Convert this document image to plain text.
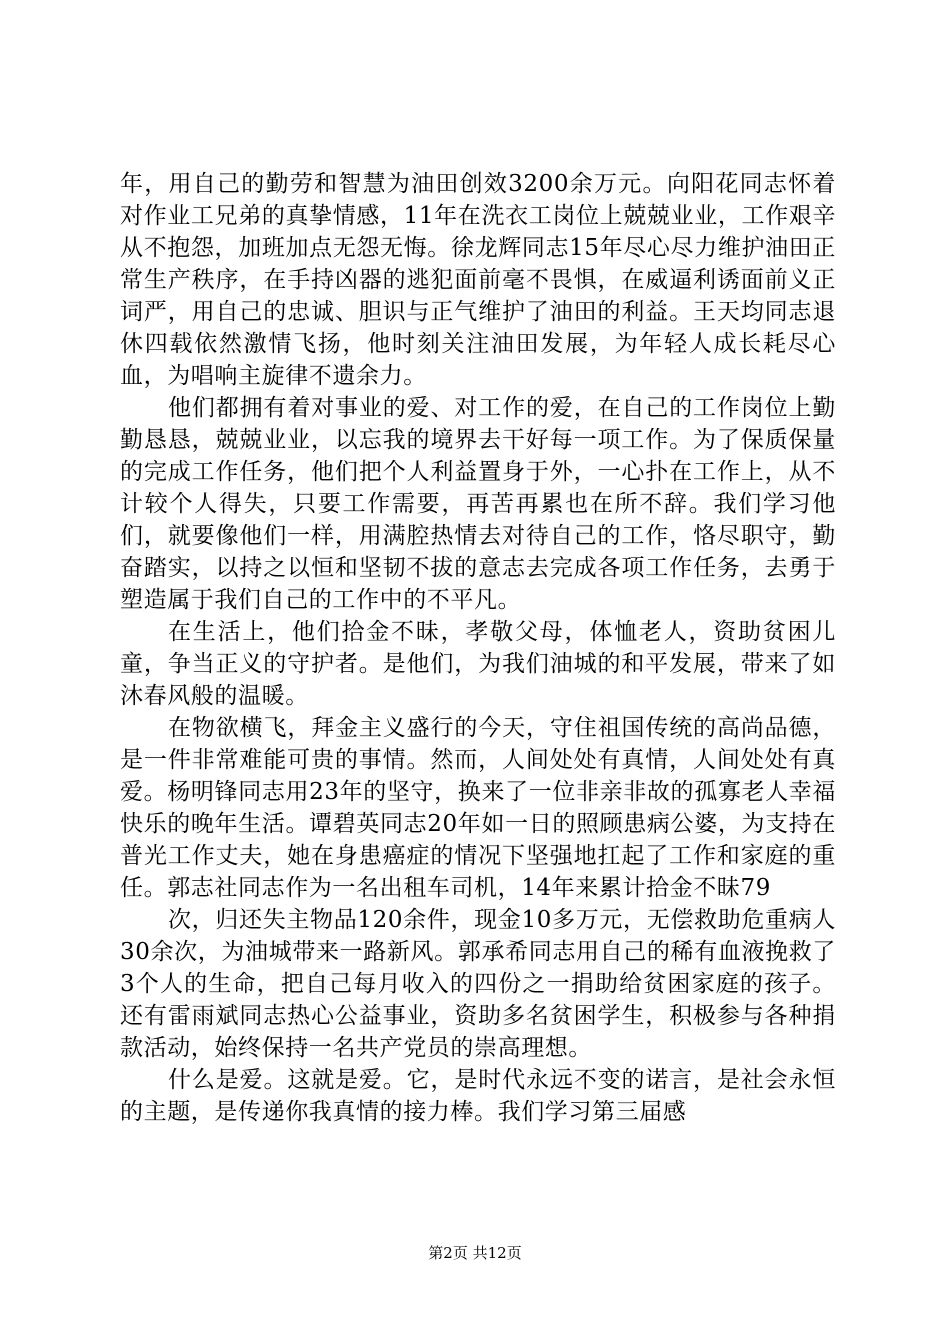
年，用自己的勤劳和智慧为油田创效3200余万元。向阳花同志怀着对作业工兄弟的真挚情感，11年在洗衣工岗位上兢兢业业，工作艰辛从不抱怨，加班加点无怨无悔。徐龙辉同志15年尽心尽力维护油田正常生产秩序，在手持凶器的逃犯面前毫不畏惧，在威逼利诱面前义正词严，用自己的忠诚、胆识与正气维护了油田的利益。王天均同志退休四载依然激情飞扬，他时刻关注油田发展，为年轻人成长耗尽心血，为唱响主旋律不遗余力。

他们都拥有着对事业的爱、对工作的爱，在自己的工作岗位上勤勤恳恳，兢兢业业，以忘我的境界去干好每一项工作。为了保质保量的完成工作任务，他们把个人利益置身于外，一心扑在工作上，从不计较个人得失，只要工作需要，再苦再累也在所不辞。我们学习他们，就要像他们一样，用满腔热情去对待自己的工作，恪尽职守，勤奋踏实，以持之以恒和坚韧不拔的意志去完成各项工作任务，去勇于塑造属于我们自己的工作中的不平凡。

在生活上，他们拾金不昧，孝敬父母，体恤老人，资助贫困儿童，争当正义的守护者。是他们，为我们油城的和平发展，带来了如沐春风般的温暖。

在物欲横飞，拜金主义盛行的今天，守住祖国传统的高尚品德，是一件非常难能可贵的事情。然而，人间处处有真情，人间处处有真爱。杨明锋同志用23年的坚守，换来了一位非亲非故的孤寡老人幸福快乐的晚年生活。谭碧英同志20年如一日的照顾患病公婆，为支持在普光工作丈夫，她在身患癌症的情况下坚强地扛起了工作和家庭的重任。郭志社同志作为一名出租车司机，14年来累计拾金不昧79

次，归还失主物品120余件，现金10多万元，无偿救助危重病人30余次，为油城带来一路新风。郭承希同志用自己的稀有血液挽救了3个人的生命，把自己每月收入的四份之一捐助给贫困家庭的孩子。还有雷雨斌同志热心公益事业，资助多名贫困学生，积极参与各种捐款活动，始终保持一名共产党员的崇高理想。

什么是爱。这就是爱。它，是时代永远不变的诺言，是社会永恒的主题，是传递你我真情的接力棒。我们学习第三届感

第2页 共12页
